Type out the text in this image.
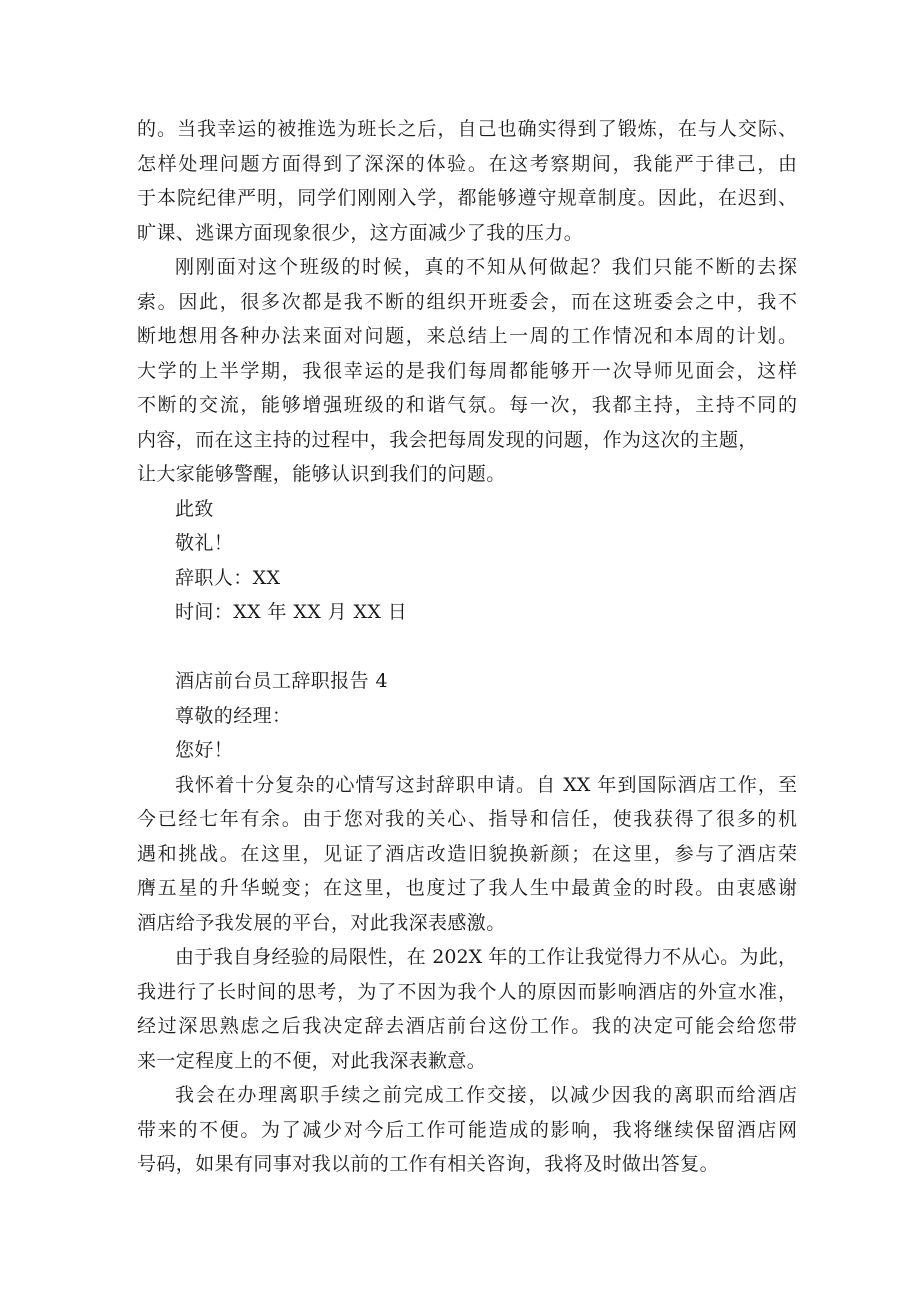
的。当我幸运的被推选为班长之后，自己也确实得到了锻炼，在与人交际、
怎样处理问题方面得到了深深的体验。在这考察期间，我能严于律己，由
于本院纪律严明，同学们刚刚入学，都能够遵守规章制度。因此，在迟到、
旷课、逃课方面现象很少，这方面减少了我的压力。
刚刚面对这个班级的时候，真的不知从何做起？我们只能不断的去探
索。因此，很多次都是我不断的组织开班委会，而在这班委会之中，我不
断地想用各种办法来面对问题，来总结上一周的工作情况和本周的计划。
大学的上半学期，我很幸运的是我们每周都能够开一次导师见面会，这样
不断的交流，能够增强班级的和谐气氛。每一次，我都主持，主持不同的
内容，而在这主持的过程中，我会把每周发现的问题，作为这次的主题，
让大家能够警醒，能够认识到我们的问题。
此致
敬礼！
辞职人：XX
时间：XX 年 XX 月 XX 日
酒店前台员工辞职报告 4
尊敬的经理：
您好！
我怀着十分复杂的心情写这封辞职申请。自 XX 年到国际酒店工作，至
今已经七年有余。由于您对我的关心、指导和信任，使我获得了很多的机
遇和挑战。在这里，见证了酒店改造旧貌换新颜；在这里，参与了酒店荣
膺五星的升华蜕变；在这里，也度过了我人生中最黄金的时段。由衷感谢
酒店给予我发展的平台，对此我深表感激。
由于我自身经验的局限性，在 202X 年的工作让我觉得力不从心。为此，
我进行了长时间的思考，为了不因为我个人的原因而影响酒店的外宣水准，
经过深思熟虑之后我决定辞去酒店前台这份工作。我的决定可能会给您带
来一定程度上的不便，对此我深表歉意。
我会在办理离职手续之前完成工作交接，以减少因我的离职而给酒店
带来的不便。为了减少对今后工作可能造成的影响，我将继续保留酒店网
号码，如果有同事对我以前的工作有相关咨询，我将及时做出答复。
